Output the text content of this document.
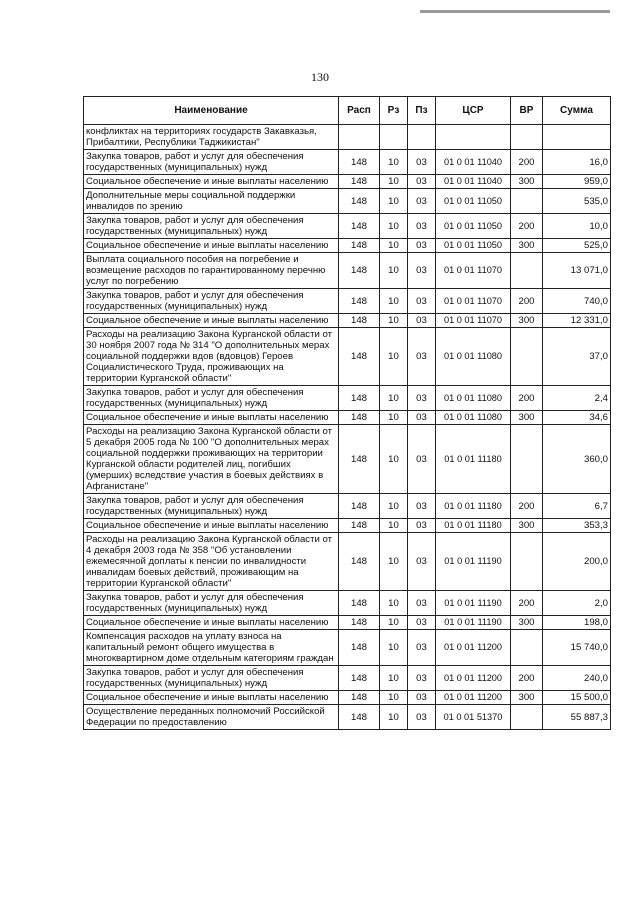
130
Наименование	Расп	Рз	Пз	ЦСР	ВР	Сумма
конфликтах на территориях государств Закавказья, Прибалтики, Республики Таджикистан"						
Закупка товаров, работ и услуг для обеспечения государственных (муниципальных) нужд	148	10	03	01 0 01 11040	200	16,0
Социальное обеспечение и иные выплаты населению	148	10	03	01 0 01 11040	300	959,0
Дополнительные меры социальной поддержки инвалидов по зрению	148	10	03	01 0 01 11050		535,0
Закупка товаров, работ и услуг для обеспечения государственных (муниципальных) нужд	148	10	03	01 0 01 11050	200	10,0
Социальное обеспечение и иные выплаты населению	148	10	03	01 0 01 11050	300	525,0
Выплата социального пособия на погребение и возмещение расходов по гарантированному перечню услуг по погребению	148	10	03	01 0 01 11070		13 071,0
Закупка товаров, работ и услуг для обеспечения государственных (муниципальных) нужд	148	10	03	01 0 01 11070	200	740,0
Социальное обеспечение и иные выплаты населению	148	10	03	01 0 01 11070	300	12 331,0
Расходы на реализацию Закона Курганской области от 30 ноября 2007 года № 314 "О дополнительных мерах социальной поддержки вдов (вдовцов) Героев Социалистического Труда, проживающих на территории Курганской области"	148	10	03	01 0 01 11080		37,0
Закупка товаров, работ и услуг для обеспечения государственных (муниципальных) нужд	148	10	03	01 0 01 11080	200	2,4
Социальное обеспечение и иные выплаты населению	148	10	03	01 0 01 11080	300	34,6
Расходы на реализацию Закона Курганской области от 5 декабря 2005 года № 100 "О дополнительных мерах социальной поддержки проживающих на территории Курганской области родителей лиц, погибших (умерших) вследствие участия в боевых действиях в Афганистане"	148	10	03	01 0 01 11180		360,0
Закупка товаров, работ и услуг для обеспечения государственных (муниципальных) нужд	148	10	03	01 0 01 11180	200	6,7
Социальное обеспечение и иные выплаты населению	148	10	03	01 0 01 11180	300	353,3
Расходы на реализацию Закона Курганской области от 4 декабря 2003 года № 358 "Об установлении ежемесячной доплаты к пенсии по инвалидности инвалидам боевых действий, проживающим на территории Курганской области"	148	10	03	01 0 01 11190		200,0
Закупка товаров, работ и услуг для обеспечения государственных (муниципальных) нужд	148	10	03	01 0 01 11190	200	2,0
Социальное обеспечение и иные выплаты населению	148	10	03	01 0 01 11190	300	198,0
Компенсация расходов на уплату взноса на капитальный ремонт общего имущества в многоквартирном доме отдельным категориям граждан	148	10	03	01 0 01 11200		15 740,0
Закупка товаров, работ и услуг для обеспечения государственных (муниципальных) нужд	148	10	03	01 0 01 11200	200	240,0
Социальное обеспечение и иные выплаты населению	148	10	03	01 0 01 11200	300	15 500,0
Осуществление переданных полномочий Российской Федерации по предоставлению	148	10	03	01 0 01 51370		55 887,3
